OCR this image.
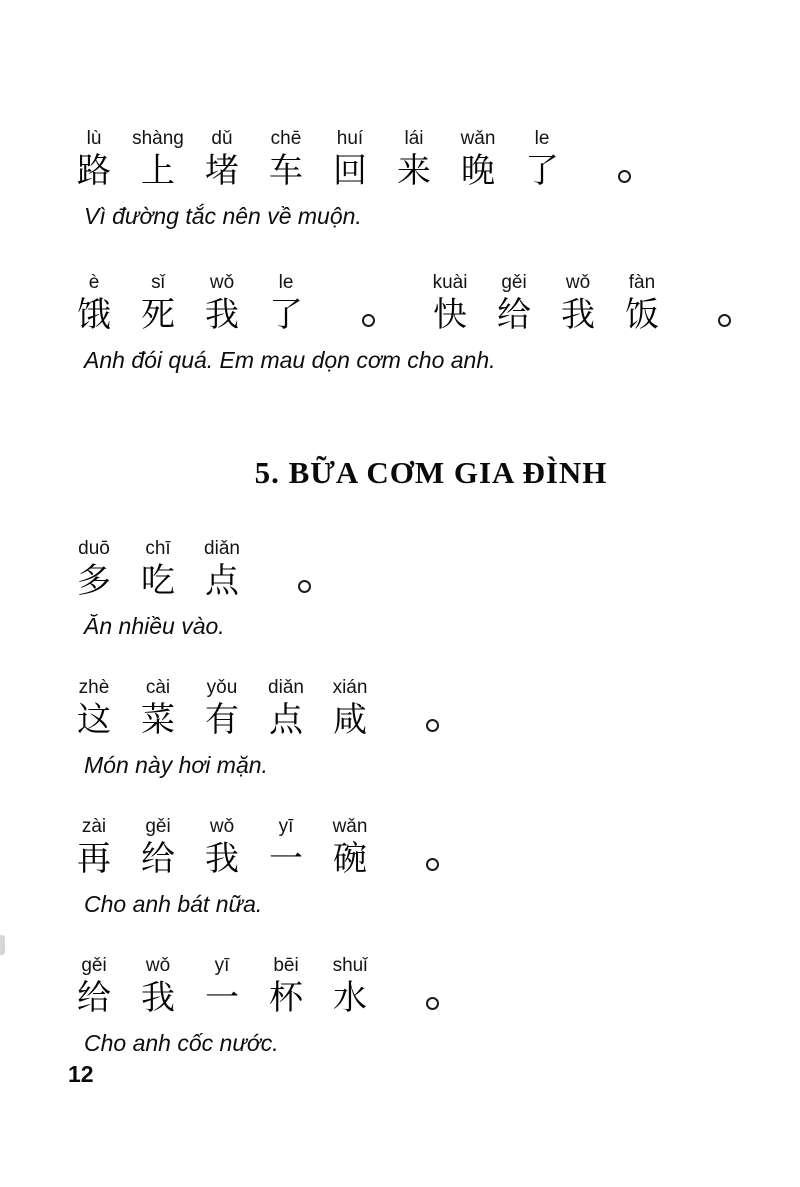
lù
路
shàng
上
dǔ
堵
chē
车
huí
回
lái
来
wǎn
晚
le
了
Vì đường tắc nên về muộn.
è
饿
sǐ
死
wǒ
我
le
了
kuài
快
gěi
给
wǒ
我
fàn
饭
Anh đói quá. Em mau dọn cơm cho anh.
5. BỮA CƠM GIA ĐÌNH
duō
多
chī
吃
diǎn
点
Ăn nhiều vào.
zhè
这
cài
菜
yǒu
有
diǎn
点
xián
咸
Món này hơi mặn.
zài
再
gěi
给
wǒ
我
yī
一
wǎn
碗
Cho anh bát nữa.
gěi
给
wǒ
我
yī
一
bēi
杯
shuǐ
水
Cho anh cốc nước.
12
